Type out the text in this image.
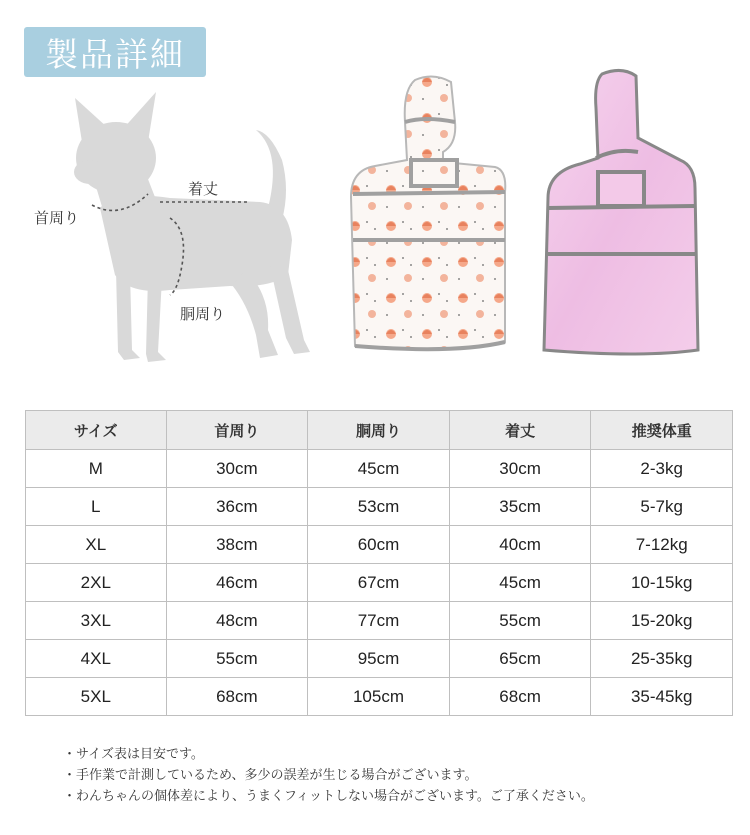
製品詳細
首周り
着丈
胴周り
サイズ	首周り	胴周り	着丈	推奨体重
M	30cm	45cm	30cm	2-3kg
L	36cm	53cm	35cm	5-7kg
XL	38cm	60cm	40cm	7-12kg
2XL	46cm	67cm	45cm	10-15kg
3XL	48cm	77cm	55cm	15-20kg
4XL	55cm	95cm	65cm	25-35kg
5XL	68cm	105cm	68cm	35-45kg
・サイズ表は目安です。
・手作業で計測しているため、多少の誤差が生じる場合がございます。
・わんちゃんの個体差により、うまくフィットしない場合がございます。ご了承ください。
